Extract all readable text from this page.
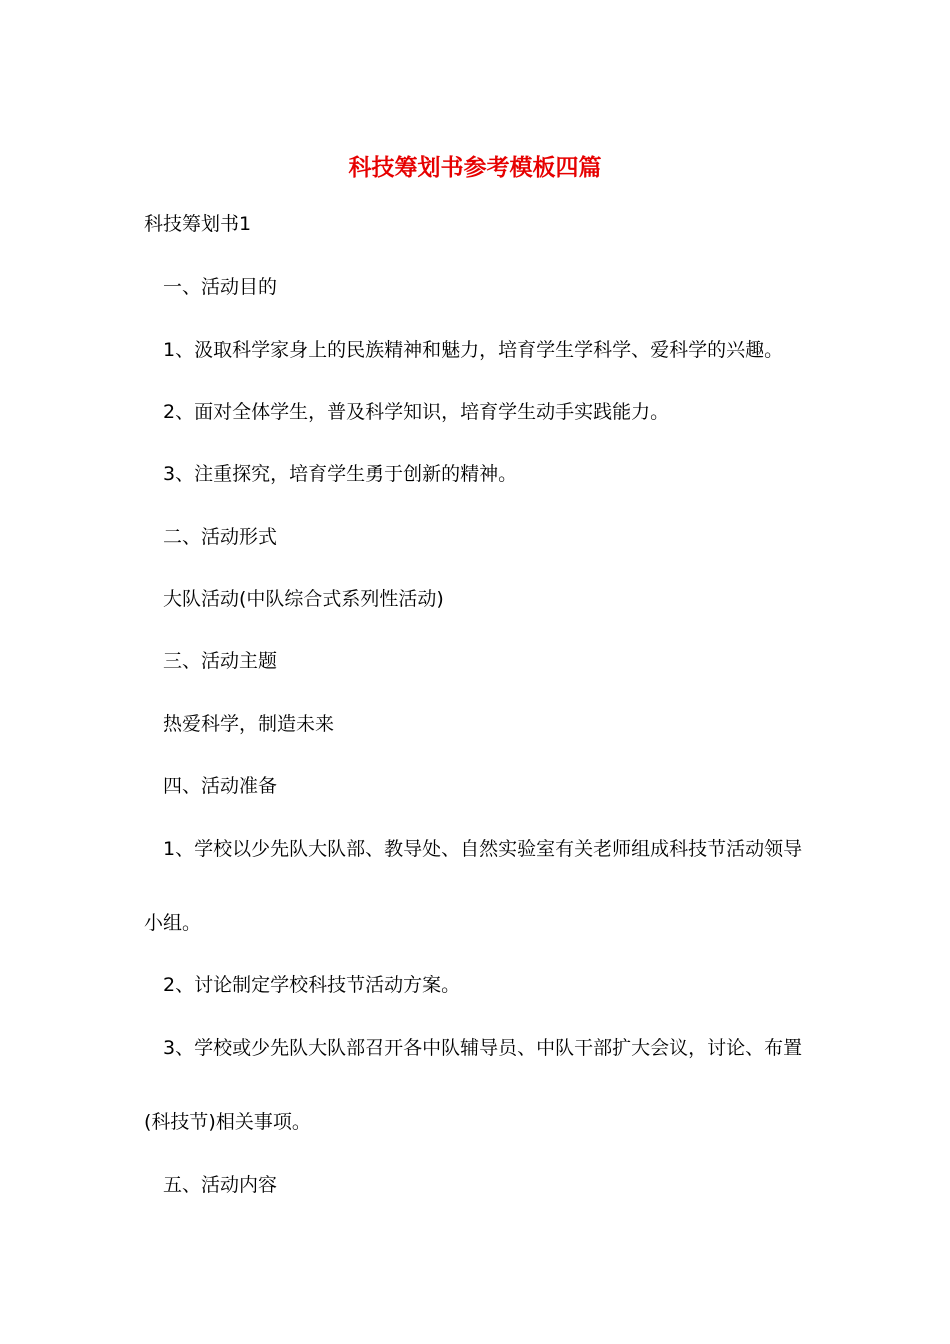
科技筹划书参考模板四篇

科技筹划书1

一、活动目的

1、汲取科学家身上的民族精神和魅力，培育学生学科学、爱科学的兴趣。

2、面对全体学生，普及科学知识，培育学生动手实践能力。

3、注重探究，培育学生勇于创新的精神。

二、活动形式

大队活动(中队综合式系列性活动)

三、活动主题

热爱科学，制造未来

四、活动准备

1、学校以少先队大队部、教导处、自然实验室有关老师组成科技节活动领导

小组。

2、讨论制定学校科技节活动方案。

3、学校或少先队大队部召开各中队辅导员、中队干部扩大会议，讨论、布置

(科技节)相关事项。

五、活动内容
